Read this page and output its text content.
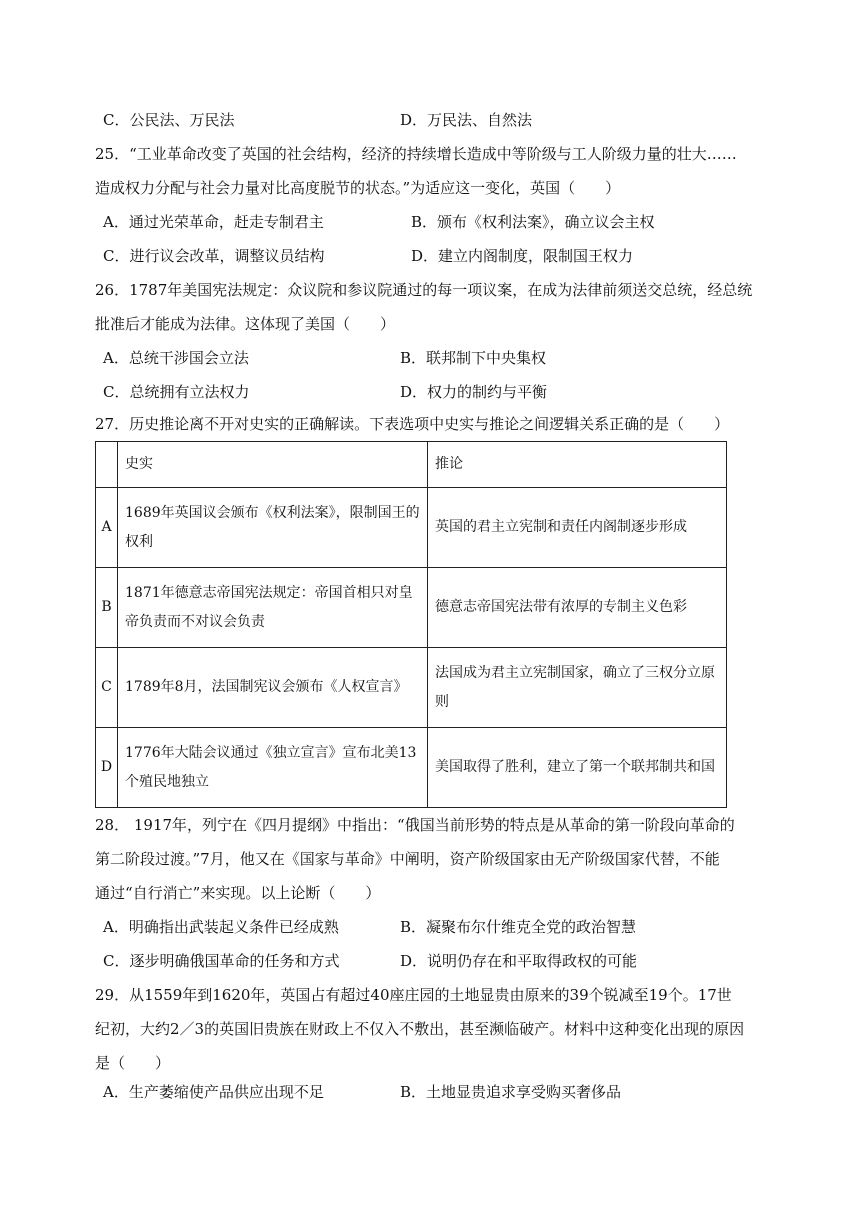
C．公民法、万民法	D．万民法、自然法
25．“工业革命改变了英国的社会结构，经济的持续增长造成中等阶级与工人阶级力量的壮大……
造成权力分配与社会力量对比高度脱节的状态。”为适应这一变化，英国（　　）
A．通过光荣革命，赶走专制君主	B．颁布《权利法案》，确立议会主权
C．进行议会改革，调整议员结构	D．建立内阁制度，限制国王权力
26．1787年美国宪法规定：众议院和参议院通过的每一项议案，在成为法律前须送交总统，经总统
批准后才能成为法律。这体现了美国（　　）
A．总统干涉国会立法	B．联邦制下中央集权
C．总统拥有立法权力	D．权力的制约与平衡
27．历史推论离不开对史实的正确解读。下表选项中史实与推论之间逻辑关系正确的是（　　）
	史实	推论
A	1689年英国议会颁布《权利法案》，限制国王的权利	英国的君主立宪制和责任内阁制逐步形成
B	1871年德意志帝国宪法规定：帝国首相只对皇帝负责而不对议会负责	德意志帝国宪法带有浓厚的专制主义色彩
C	1789年8月，法国制宪议会颁布《人权宣言》	法国成为君主立宪制国家，确立了三权分立原则
D	1776年大陆会议通过《独立宣言》宣布北美13个殖民地独立	美国取得了胜利，建立了第一个联邦制共和国
28． 1917年，列宁在《四月提纲》中指出：“俄国当前形势的特点是从革命的第一阶段向革命的
第二阶段过渡。”7月，他又在《国家与革命》中阐明，资产阶级国家由无产阶级国家代替，不能
通过“自行消亡”来实现。以上论断（　　）
A．明确指出武装起义条件已经成熟	B．凝聚布尔什维克全党的政治智慧
C．逐步明确俄国革命的任务和方式	D．说明仍存在和平取得政权的可能
29．从1559年到1620年，英国占有超过40座庄园的土地显贵由原来的39个锐减至19个。17世
纪初，大约2／3的英国旧贵族在财政上不仅入不敷出，甚至濒临破产。材料中这种变化出现的原因
是（　　）
A．生产萎缩使产品供应出现不足	B．土地显贵追求享受购买奢侈品
